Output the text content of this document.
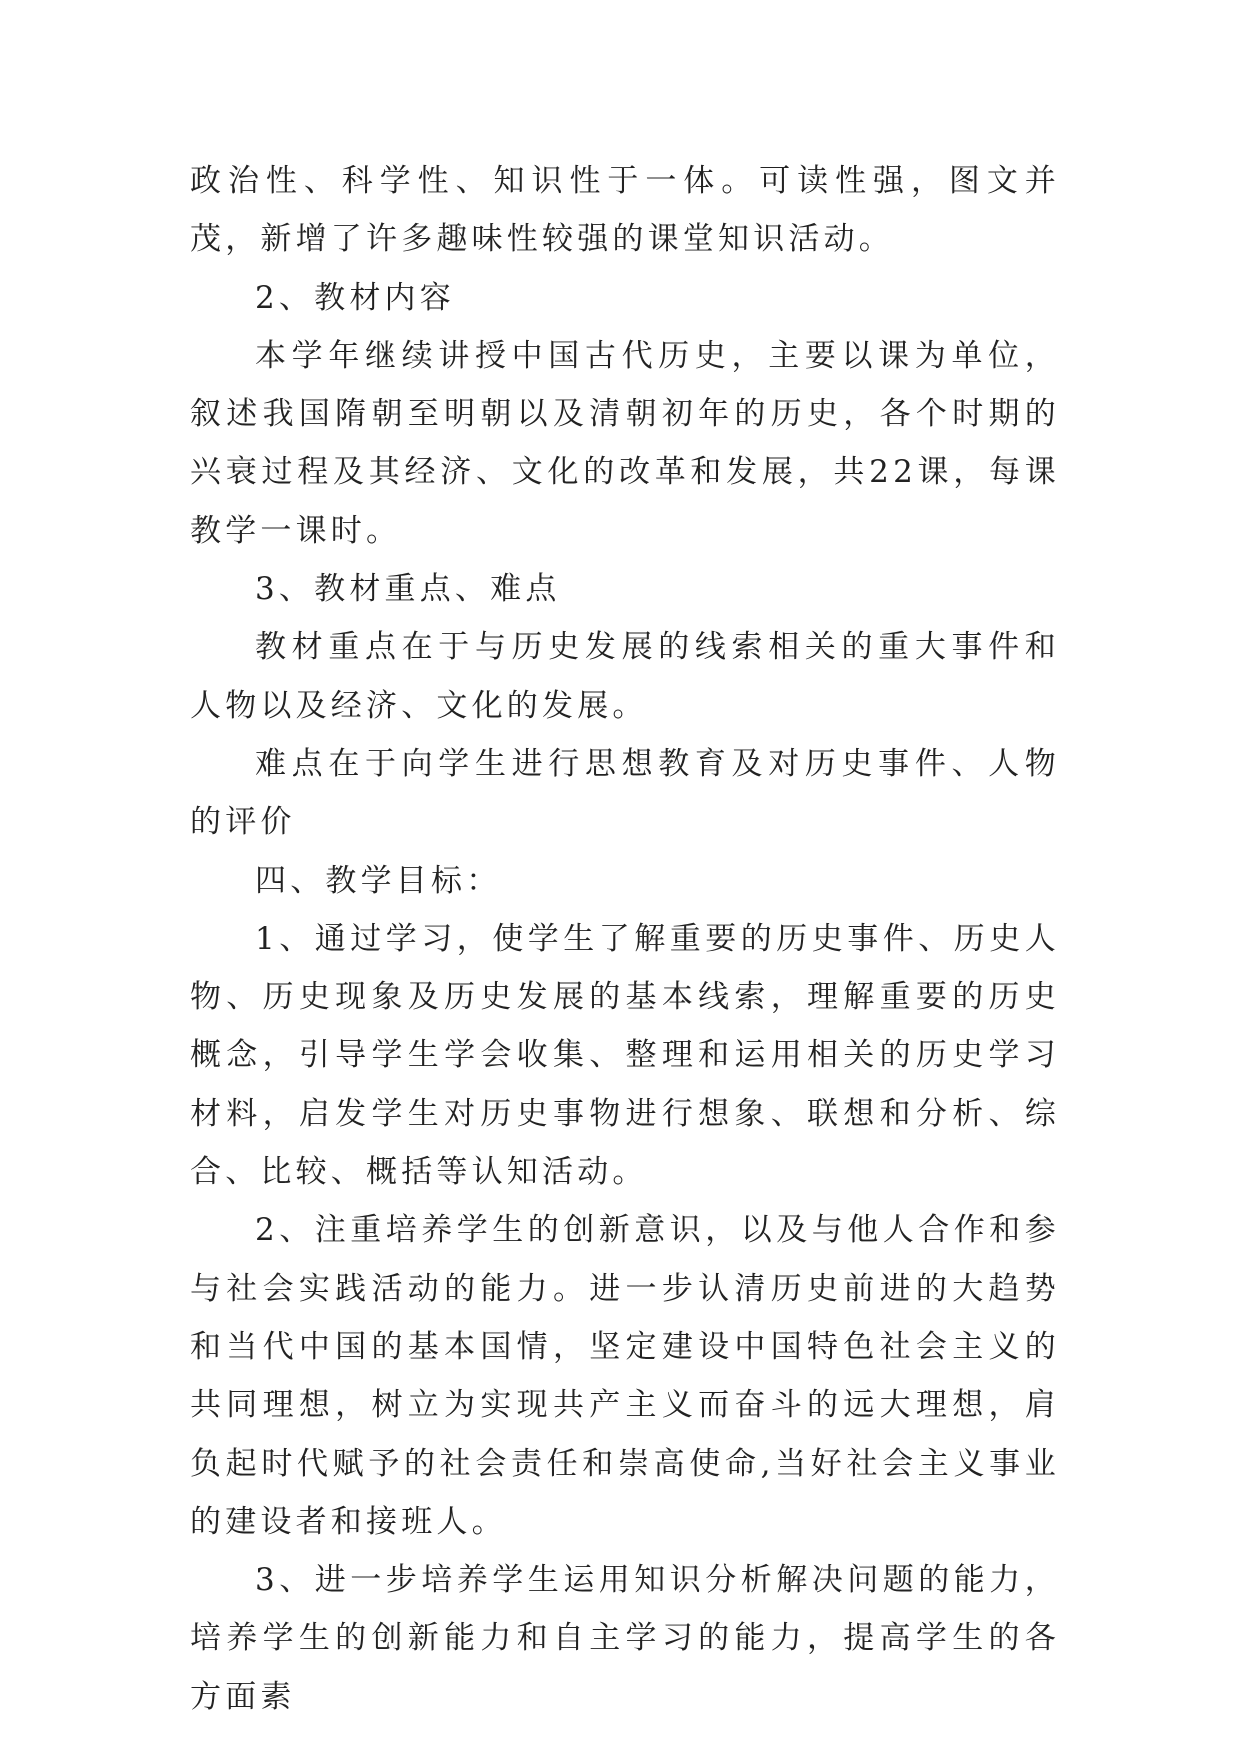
政治性、科学性、知识性于一体。可读性强，图文并茂，新增了许多趣味性较强的课堂知识活动。

2、教材内容

本学年继续讲授中国古代历史，主要以课为单位，叙述我国隋朝至明朝以及清朝初年的历史，各个时期的兴衰过程及其经济、文化的改革和发展，共22课，每课教学一课时。

3、教材重点、难点

教材重点在于与历史发展的线索相关的重大事件和人物以及经济、文化的发展。

难点在于向学生进行思想教育及对历史事件、人物的评价

四、教学目标：

1、通过学习，使学生了解重要的历史事件、历史人物、历史现象及历史发展的基本线索，理解重要的历史概念，引导学生学会收集、整理和运用相关的历史学习材料，启发学生对历史事物进行想象、联想和分析、综合、比较、概括等认知活动。

2、注重培养学生的创新意识，以及与他人合作和参与社会实践活动的能力。进一步认清历史前进的大趋势和当代中国的基本国情，坚定建设中国特色社会主义的共同理想，树立为实现共产主义而奋斗的远大理想，肩负起时代赋予的社会责任和崇高使命,当好社会主义事业的建设者和接班人。

3、进一步培养学生运用知识分析解决问题的能力，培养学生的创新能力和自主学习的能力，提高学生的各方面素
